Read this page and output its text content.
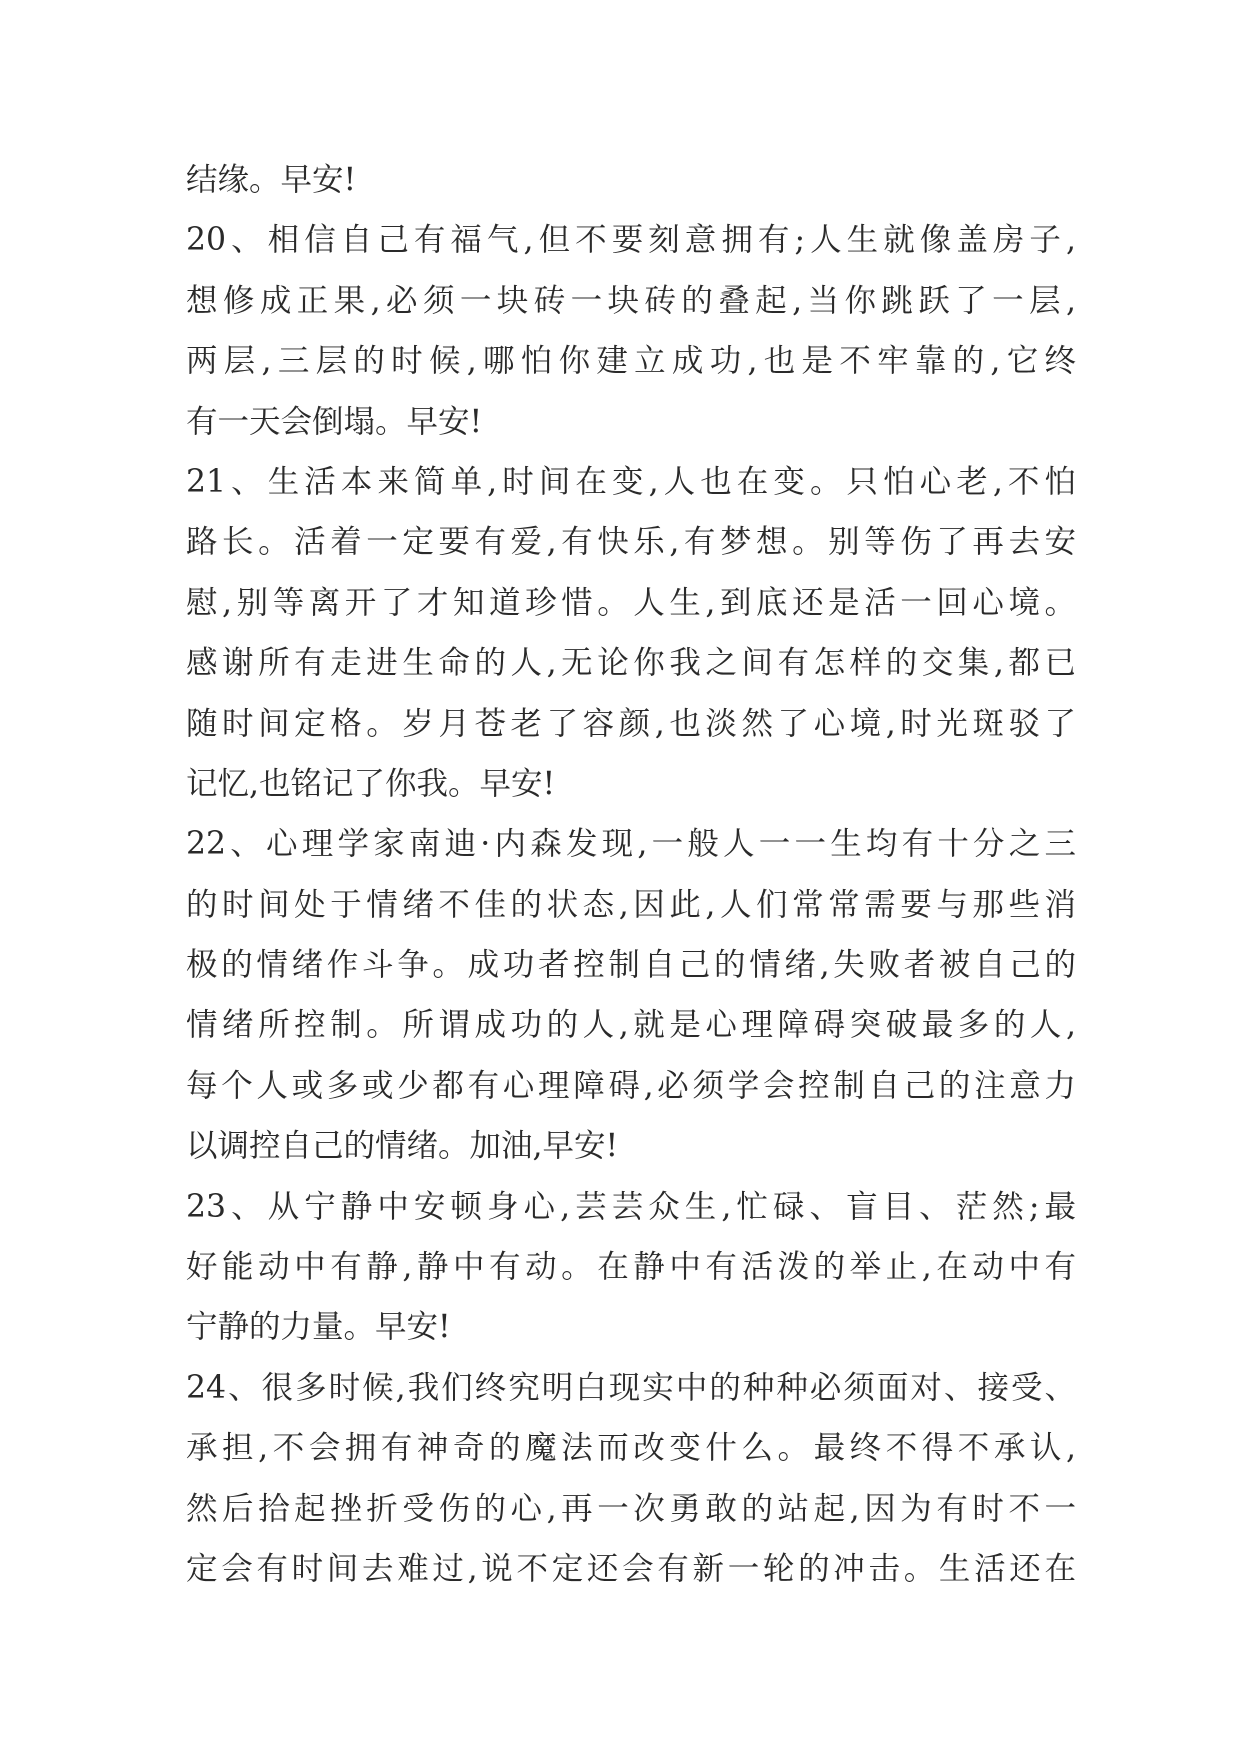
结缘。早安!
20、相信自己有福气,但不要刻意拥有;人生就像盖房子,
想修成正果,必须一块砖一块砖的叠起,当你跳跃了一层,
两层,三层的时候,哪怕你建立成功,也是不牢靠的,它终
有一天会倒塌。早安!
21、生活本来简单,时间在变,人也在变。只怕心老,不怕
路长。活着一定要有爱,有快乐,有梦想。别等伤了再去安
慰,别等离开了才知道珍惜。人生,到底还是活一回心境。
感谢所有走进生命的人,无论你我之间有怎样的交集,都已
随时间定格。岁月苍老了容颜,也淡然了心境,时光斑驳了
记忆,也铭记了你我。早安!
22、心理学家南迪·内森发现,一般人一一生均有十分之三
的时间处于情绪不佳的状态,因此,人们常常需要与那些消
极的情绪作斗争。成功者控制自己的情绪,失败者被自己的
情绪所控制。所谓成功的人,就是心理障碍突破最多的人,
每个人或多或少都有心理障碍,必须学会控制自己的注意力
以调控自己的情绪。加油,早安!
23、从宁静中安顿身心,芸芸众生,忙碌、盲目、茫然;最
好能动中有静,静中有动。在静中有活泼的举止,在动中有
宁静的力量。早安!
24、很多时候,我们终究明白现实中的种种必须面对、接受、
承担,不会拥有神奇的魔法而改变什么。最终不得不承认,
然后拾起挫折受伤的心,再一次勇敢的站起,因为有时不一
定会有时间去难过,说不定还会有新一轮的冲击。生活还在
